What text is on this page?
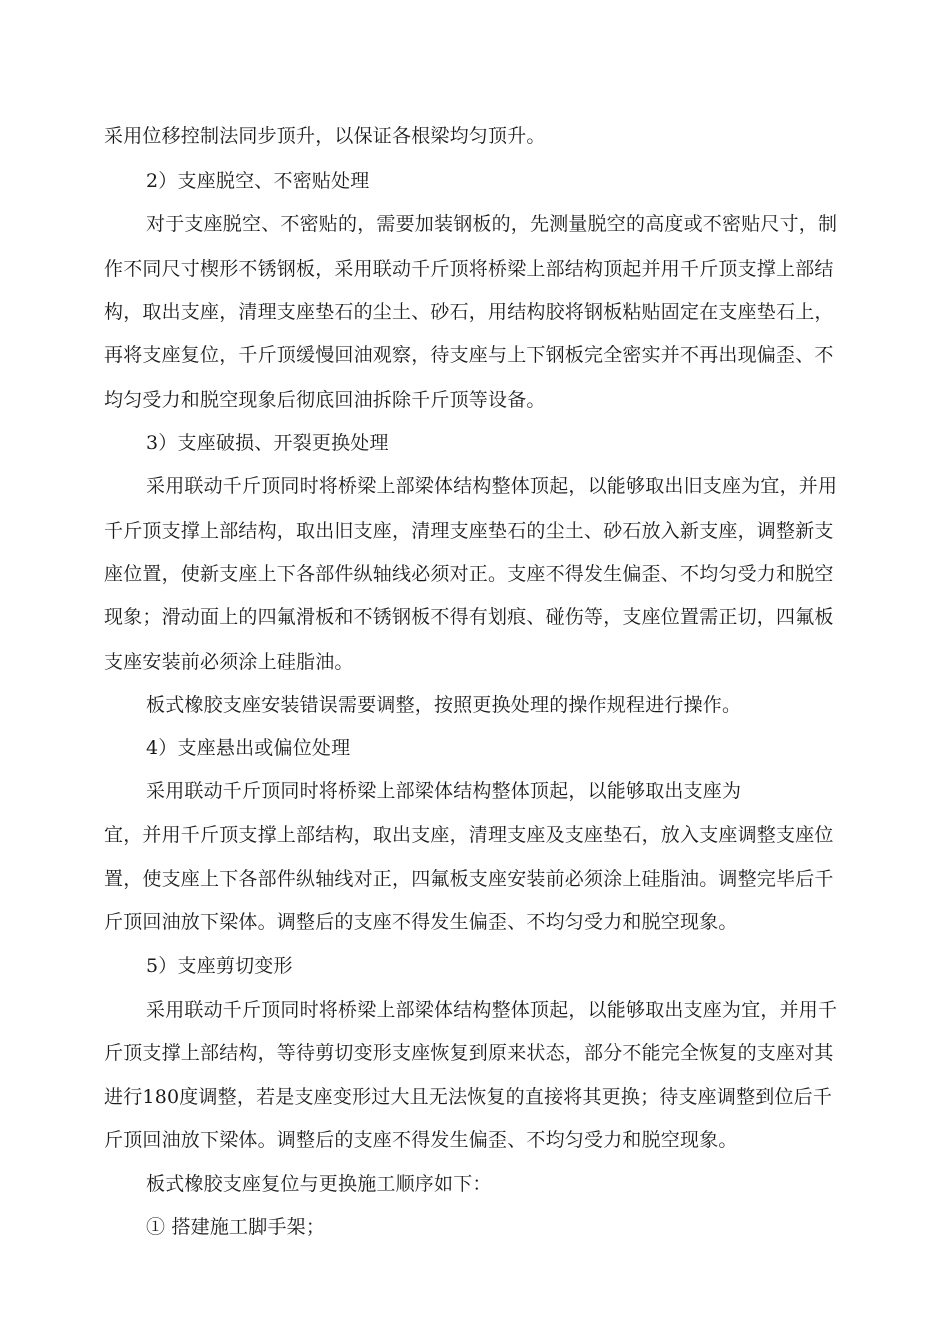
采用位移控制法同步顶升，以保证各根梁均匀顶升。
2）支座脱空、不密贴处理
对于支座脱空、不密贴的，需要加装钢板的，先测量脱空的高度或不密贴尺寸，制
作不同尺寸楔形不锈钢板，采用联动千斤顶将桥梁上部结构顶起并用千斤顶支撑上部结
构，取出支座，清理支座垫石的尘土、砂石，用结构胶将钢板粘贴固定在支座垫石上，
再将支座复位，千斤顶缓慢回油观察，待支座与上下钢板完全密实并不再出现偏歪、不
均匀受力和脱空现象后彻底回油拆除千斤顶等设备。
3）支座破损、开裂更换处理
采用联动千斤顶同时将桥梁上部梁体结构整体顶起，以能够取出旧支座为宜，并用
千斤顶支撑上部结构，取出旧支座，清理支座垫石的尘土、砂石放入新支座，调整新支
座位置，使新支座上下各部件纵轴线必须对正。支座不得发生偏歪、不均匀受力和脱空
现象；滑动面上的四氟滑板和不锈钢板不得有划痕、碰伤等，支座位置需正切，四氟板
支座安装前必须涂上硅脂油。
板式橡胶支座安装错误需要调整，按照更换处理的操作规程进行操作。
4）支座悬出或偏位处理
采用联动千斤顶同时将桥梁上部梁体结构整体顶起，以能够取出支座为
宜，并用千斤顶支撑上部结构，取出支座，清理支座及支座垫石，放入支座调整支座位
置，使支座上下各部件纵轴线对正，四氟板支座安装前必须涂上硅脂油。调整完毕后千
斤顶回油放下梁体。调整后的支座不得发生偏歪、不均匀受力和脱空现象。
5）支座剪切变形
采用联动千斤顶同时将桥梁上部梁体结构整体顶起，以能够取出支座为宜，并用千
斤顶支撑上部结构，等待剪切变形支座恢复到原来状态，部分不能完全恢复的支座对其
进行180度调整，若是支座变形过大且无法恢复的直接将其更换；待支座调整到位后千
斤顶回油放下梁体。调整后的支座不得发生偏歪、不均匀受力和脱空现象。
板式橡胶支座复位与更换施工顺序如下：
① 搭建施工脚手架；
